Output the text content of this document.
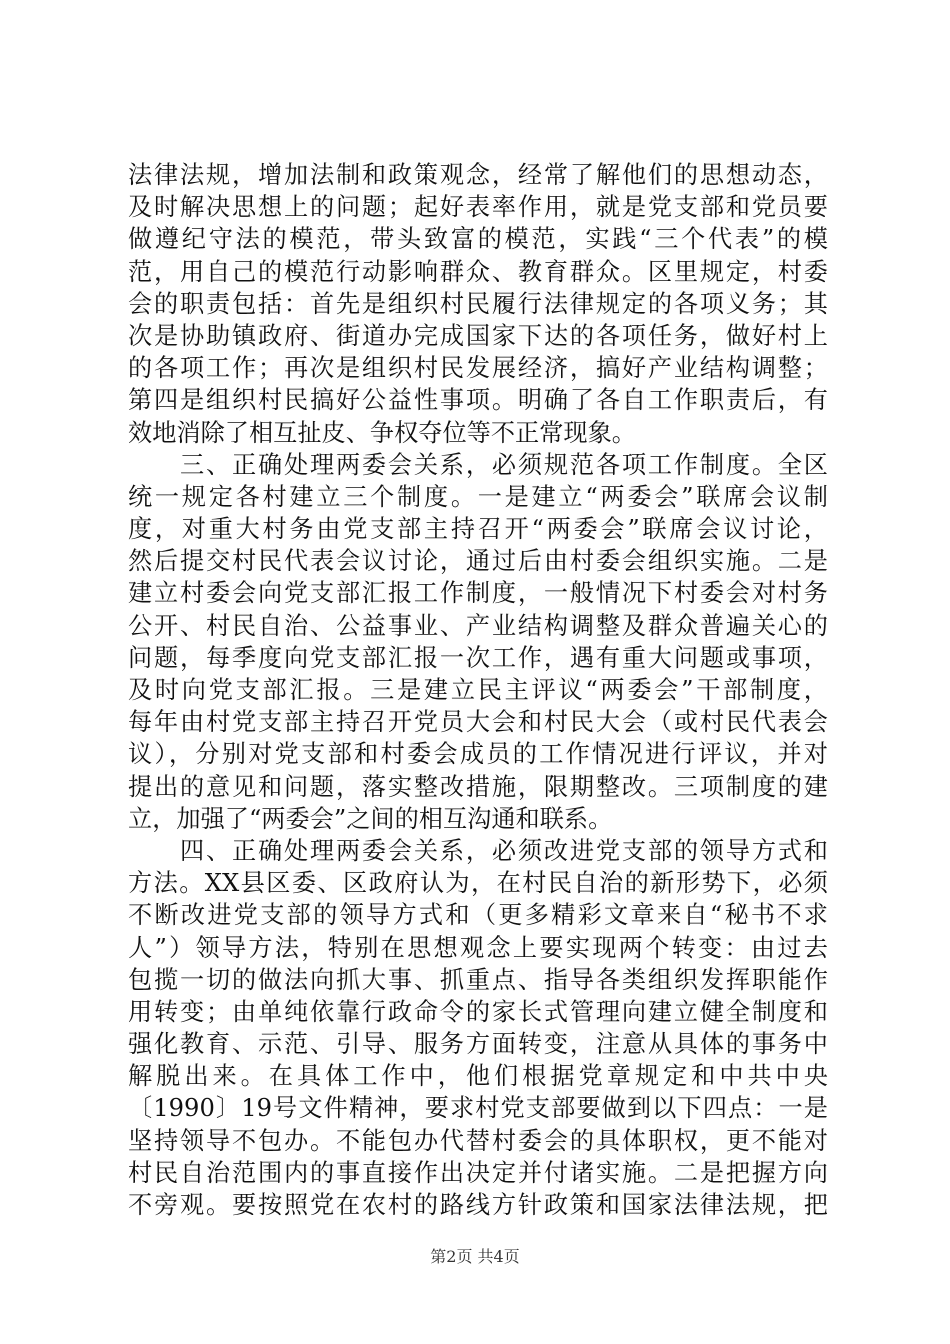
法律法规，增加法制和政策观念，经常了解他们的思想动态，
及时解决思想上的问题；起好表率作用，就是党支部和党员要
做遵纪守法的模范，带头致富的模范，实践“三个代表”的模
范，用自己的模范行动影响群众、教育群众。区里规定，村委
会的职责包括：首先是组织村民履行法律规定的各项义务；其
次是协助镇政府、街道办完成国家下达的各项任务，做好村上
的各项工作；再次是组织村民发展经济，搞好产业结构调整；
第四是组织村民搞好公益性事项。明确了各自工作职责后，有
效地消除了相互扯皮、争权夺位等不正常现象。
　　三、正确处理两委会关系，必须规范各项工作制度。全区
统一规定各村建立三个制度。一是建立“两委会”联席会议制
度，对重大村务由党支部主持召开“两委会”联席会议讨论，
然后提交村民代表会议讨论，通过后由村委会组织实施。二是
建立村委会向党支部汇报工作制度，一般情况下村委会对村务
公开、村民自治、公益事业、产业结构调整及群众普遍关心的
问题，每季度向党支部汇报一次工作，遇有重大问题或事项，
及时向党支部汇报。三是建立民主评议“两委会”干部制度，
每年由村党支部主持召开党员大会和村民大会（或村民代表会
议），分别对党支部和村委会成员的工作情况进行评议，并对
提出的意见和问题，落实整改措施，限期整改。三项制度的建
立，加强了“两委会”之间的相互沟通和联系。
　　四、正确处理两委会关系，必须改进党支部的领导方式和
方法。XX县区委、区政府认为，在村民自治的新形势下，必须
不断改进党支部的领导方式和（更多精彩文章来自“秘书不求
人”）领导方法，特别在思想观念上要实现两个转变：由过去
包揽一切的做法向抓大事、抓重点、指导各类组织发挥职能作
用转变；由单纯依靠行政命令的家长式管理向建立健全制度和
强化教育、示范、引导、服务方面转变，注意从具体的事务中
解脱出来。在具体工作中，他们根据党章规定和中共中央
〔1990〕19号文件精神，要求村党支部要做到以下四点：一是
坚持领导不包办。不能包办代替村委会的具体职权，更不能对
村民自治范围内的事直接作出决定并付诸实施。二是把握方向
不旁观。要按照党在农村的路线方针政策和国家法律法规，把
第2页 共4页
